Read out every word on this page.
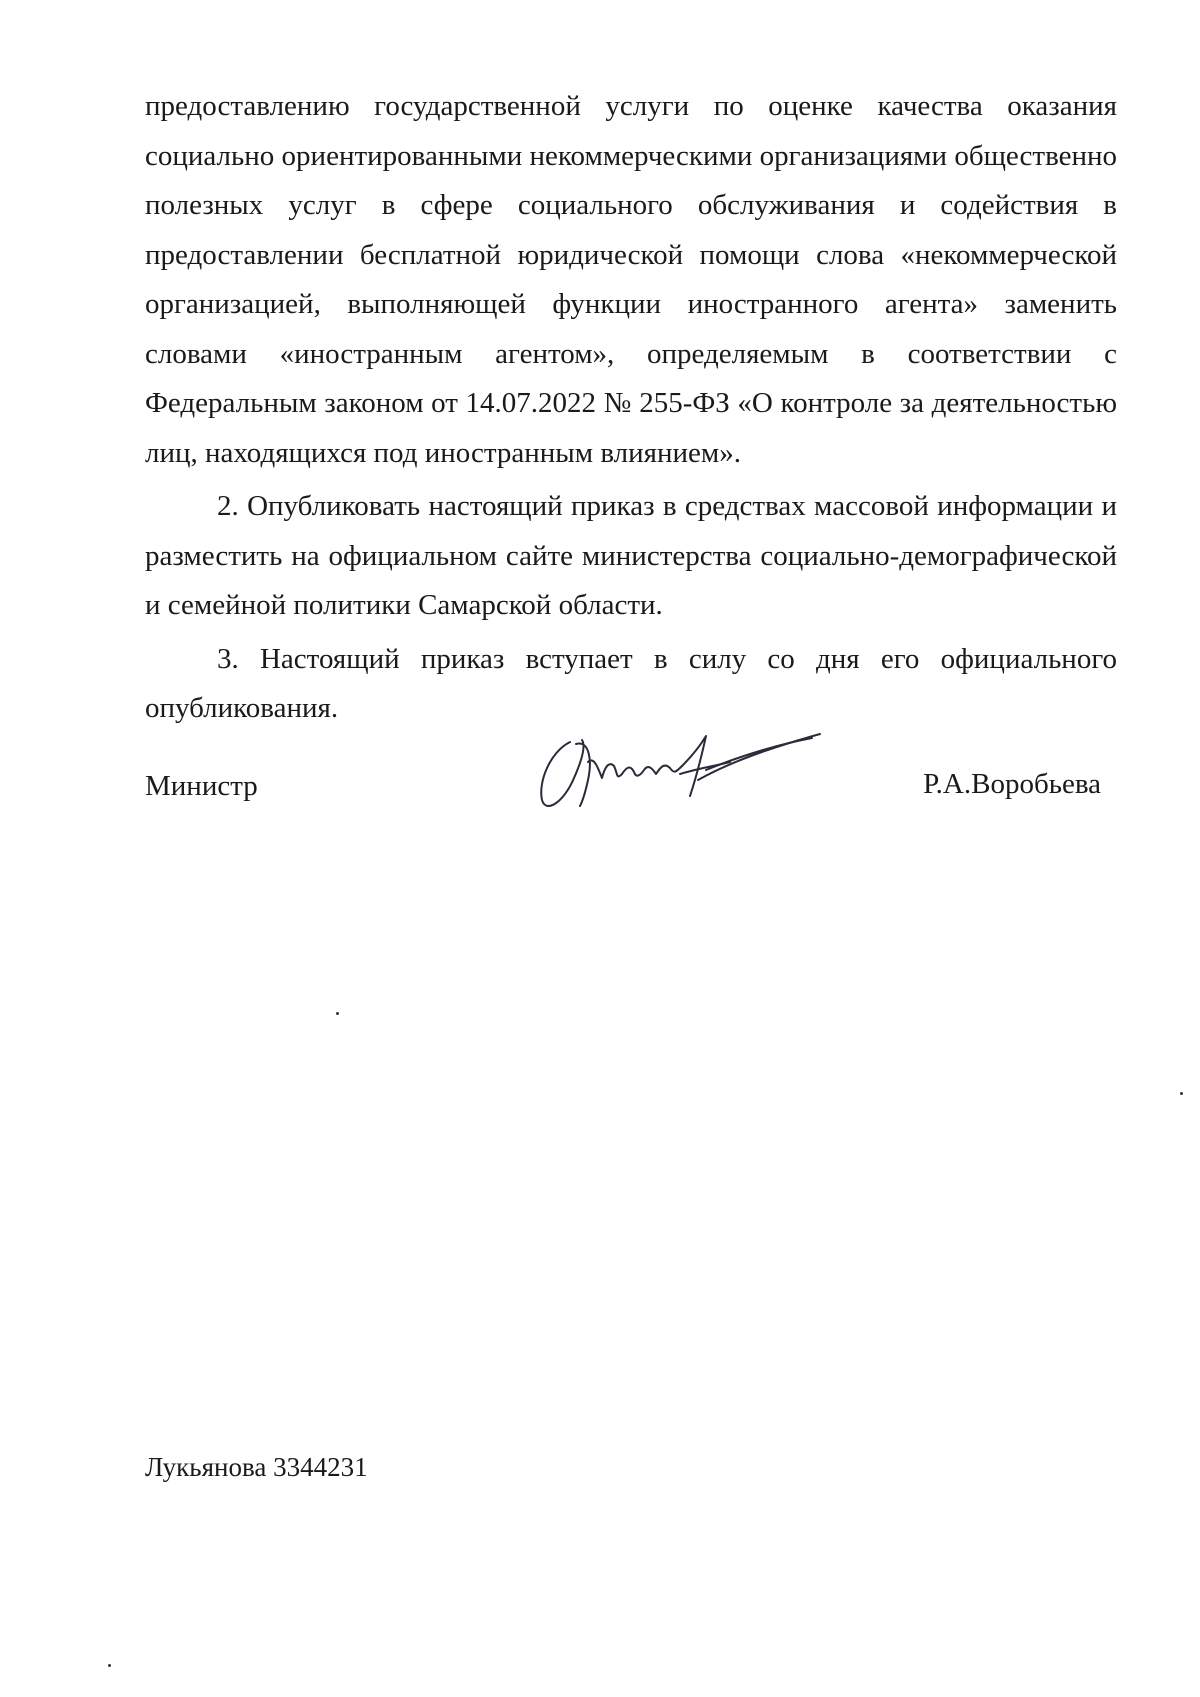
предоставлению государственной услуги по оценке качества оказания социально ориентированными некоммерческими организациями общественно полезных услуг в сфере социального обслуживания и содействия в предоставлении бесплатной юридической помощи слова «некоммерческой организацией, выполняющей функции иностранного агента» заменить словами «иностранным агентом», определяемым в соответствии с Федеральным законом от 14.07.2022 № 255-ФЗ «О контроле за деятельностью лиц, находящихся под иностранным влиянием».

2. Опубликовать настоящий приказ в средствах массовой информации и разместить на официальном сайте министерства социально-демографической и семейной политики Самарской области.

3. Настоящий приказ вступает в силу со дня его официального опубликования.

Министр	Р.А.Воробьева
Лукьянова 3344231
